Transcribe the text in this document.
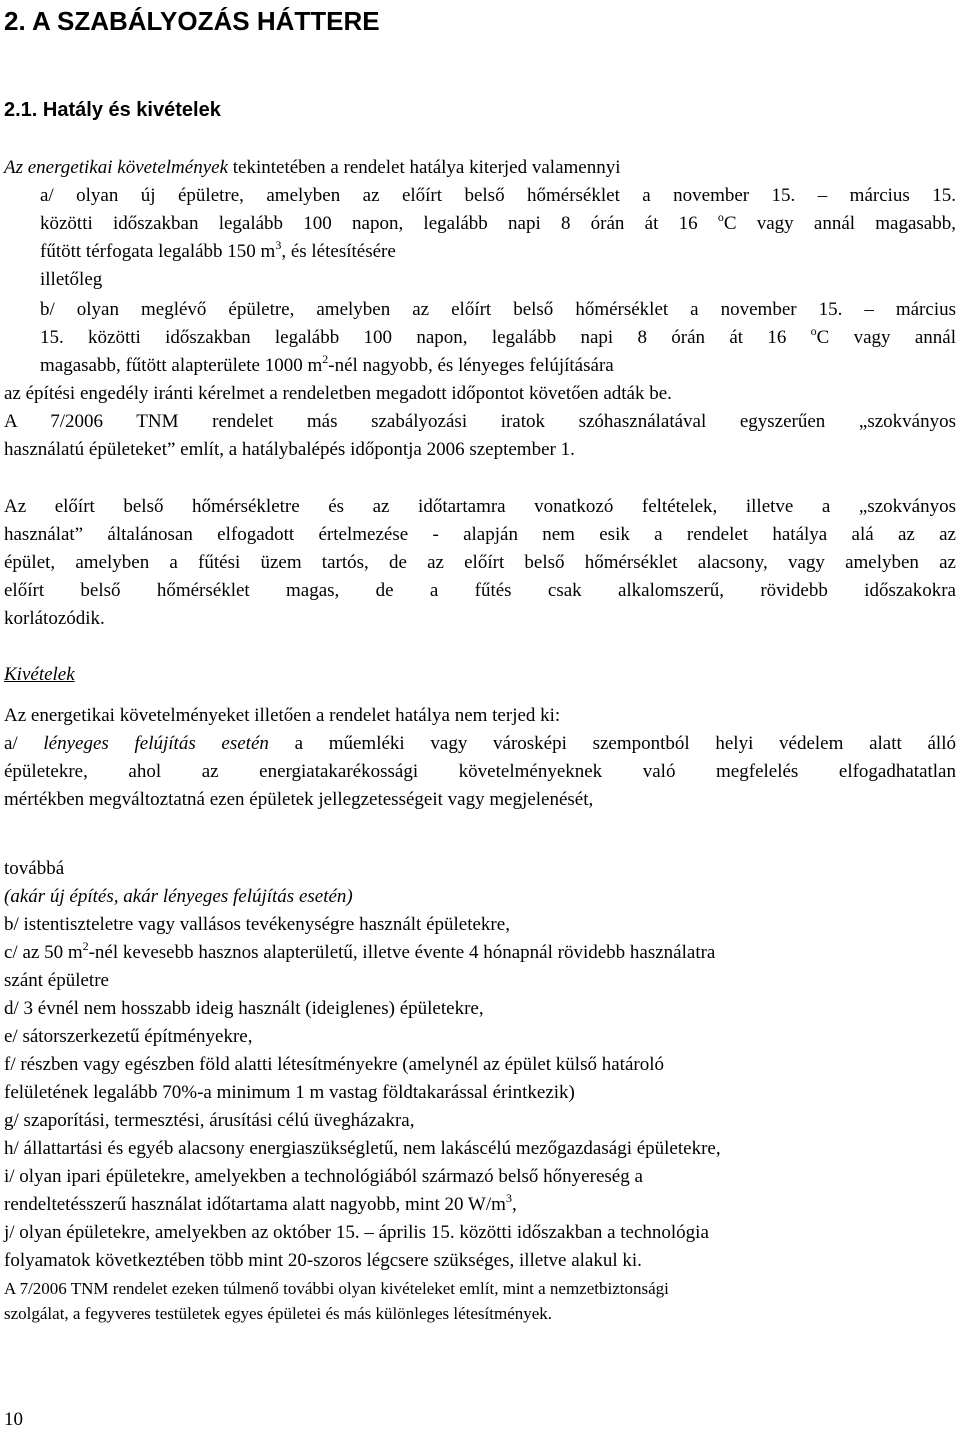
2. A SZABÁLYOZÁS HÁTTERE
2.1. Hatály és kivételek

Az energetikai követelmények tekintetében a rendelet hatálya kiterjed valamennyi

a/ olyan új épületre, amelyben az előírt belső hőmérséklet a november 15. – március 15.

közötti időszakban legalább 100 napon, legalább napi 8 órán át 16 $^o$C vagy annál magasabb,

fűtött térfogata legalább 150 $m^3$, és létesítésére

illetőleg

b/ olyan meglévő épületre, amelyben az előírt belső hőmérséklet a november 15. – március

15. közötti időszakban legalább 100 napon, legalább napi 8 órán át 16 $^o$C vagy annál

magasabb, fűtött alapterülete 1000 $m^2$-nél nagyobb, és lényeges felújítására

az építési engedély iránti kérelmet a rendeletben megadott időpontot követően adták be.

A 7/2006 TNM rendelet más szabályozási iratok szóhasználatával egyszerűen „szokványos

használatú épületeket” említ, a hatálybalépés időpontja 2006 szeptember 1.

Az előírt belső hőmérsékletre és az időtartamra vonatkozó feltételek, illetve a „szokványos

használat” általánosan elfogadott értelmezése - alapján nem esik a rendelet hatálya alá az az

épület, amelyben a fűtési üzem tartós, de az előírt belső hőmérséklet alacsony, vagy amelyben az

előírt belső hőmérséklet magas, de a fűtés csak alkalomszerű, rövidebb időszakokra

korlátozódik.

Kivételek

Az energetikai követelményeket illetően a rendelet hatálya nem terjed ki:

a/ lényeges felújítás esetén a műemléki vagy városképi szempontból helyi védelem alatt álló

épületekre, ahol az energiatakarékossági követelményeknek való megfelelés elfogadhatatlan

mértékben megváltoztatná ezen épületek jellegzetességeit vagy megjelenését,

továbbá

(akár új építés, akár lényeges felújítás esetén)

b/ istentiszteletre vagy vallásos tevékenységre használt épületekre,

c/ az 50 $m^2$-nél kevesebb hasznos alapterületű, illetve évente 4 hónapnál rövidebb használatra

szánt épületre

d/ 3 évnél nem hosszabb ideig használt (ideiglenes) épületekre,

e/ sátorszerkezetű építményekre,

f/ részben vagy egészben föld alatti létesítményekre (amelynél az épület külső határoló

felületének legalább 70%-a minimum 1 m vastag földtakarással érintkezik)

g/ szaporítási, termesztési, árusítási célú üvegházakra,

h/ állattartási és egyéb alacsony energiaszükségletű, nem lakáscélú mezőgazdasági épületekre,

i/ olyan ipari épületekre, amelyekben a technológiából származó belső hőnyereség a

rendeltetésszerű használat időtartama alatt nagyobb, mint 20 $W/m^3$,

j/ olyan épületekre, amelyekben az október 15. – április 15. közötti időszakban a technológia

folyamatok következtében több mint 20-szoros légcsere szükséges, illetve alakul ki.

A 7/2006 TNM rendelet ezeken túlmenő további olyan kivételeket említ, mint a nemzetbiztonsági

szolgálat, a fegyveres testületek egyes épületei és más különleges létesítmények.

10
